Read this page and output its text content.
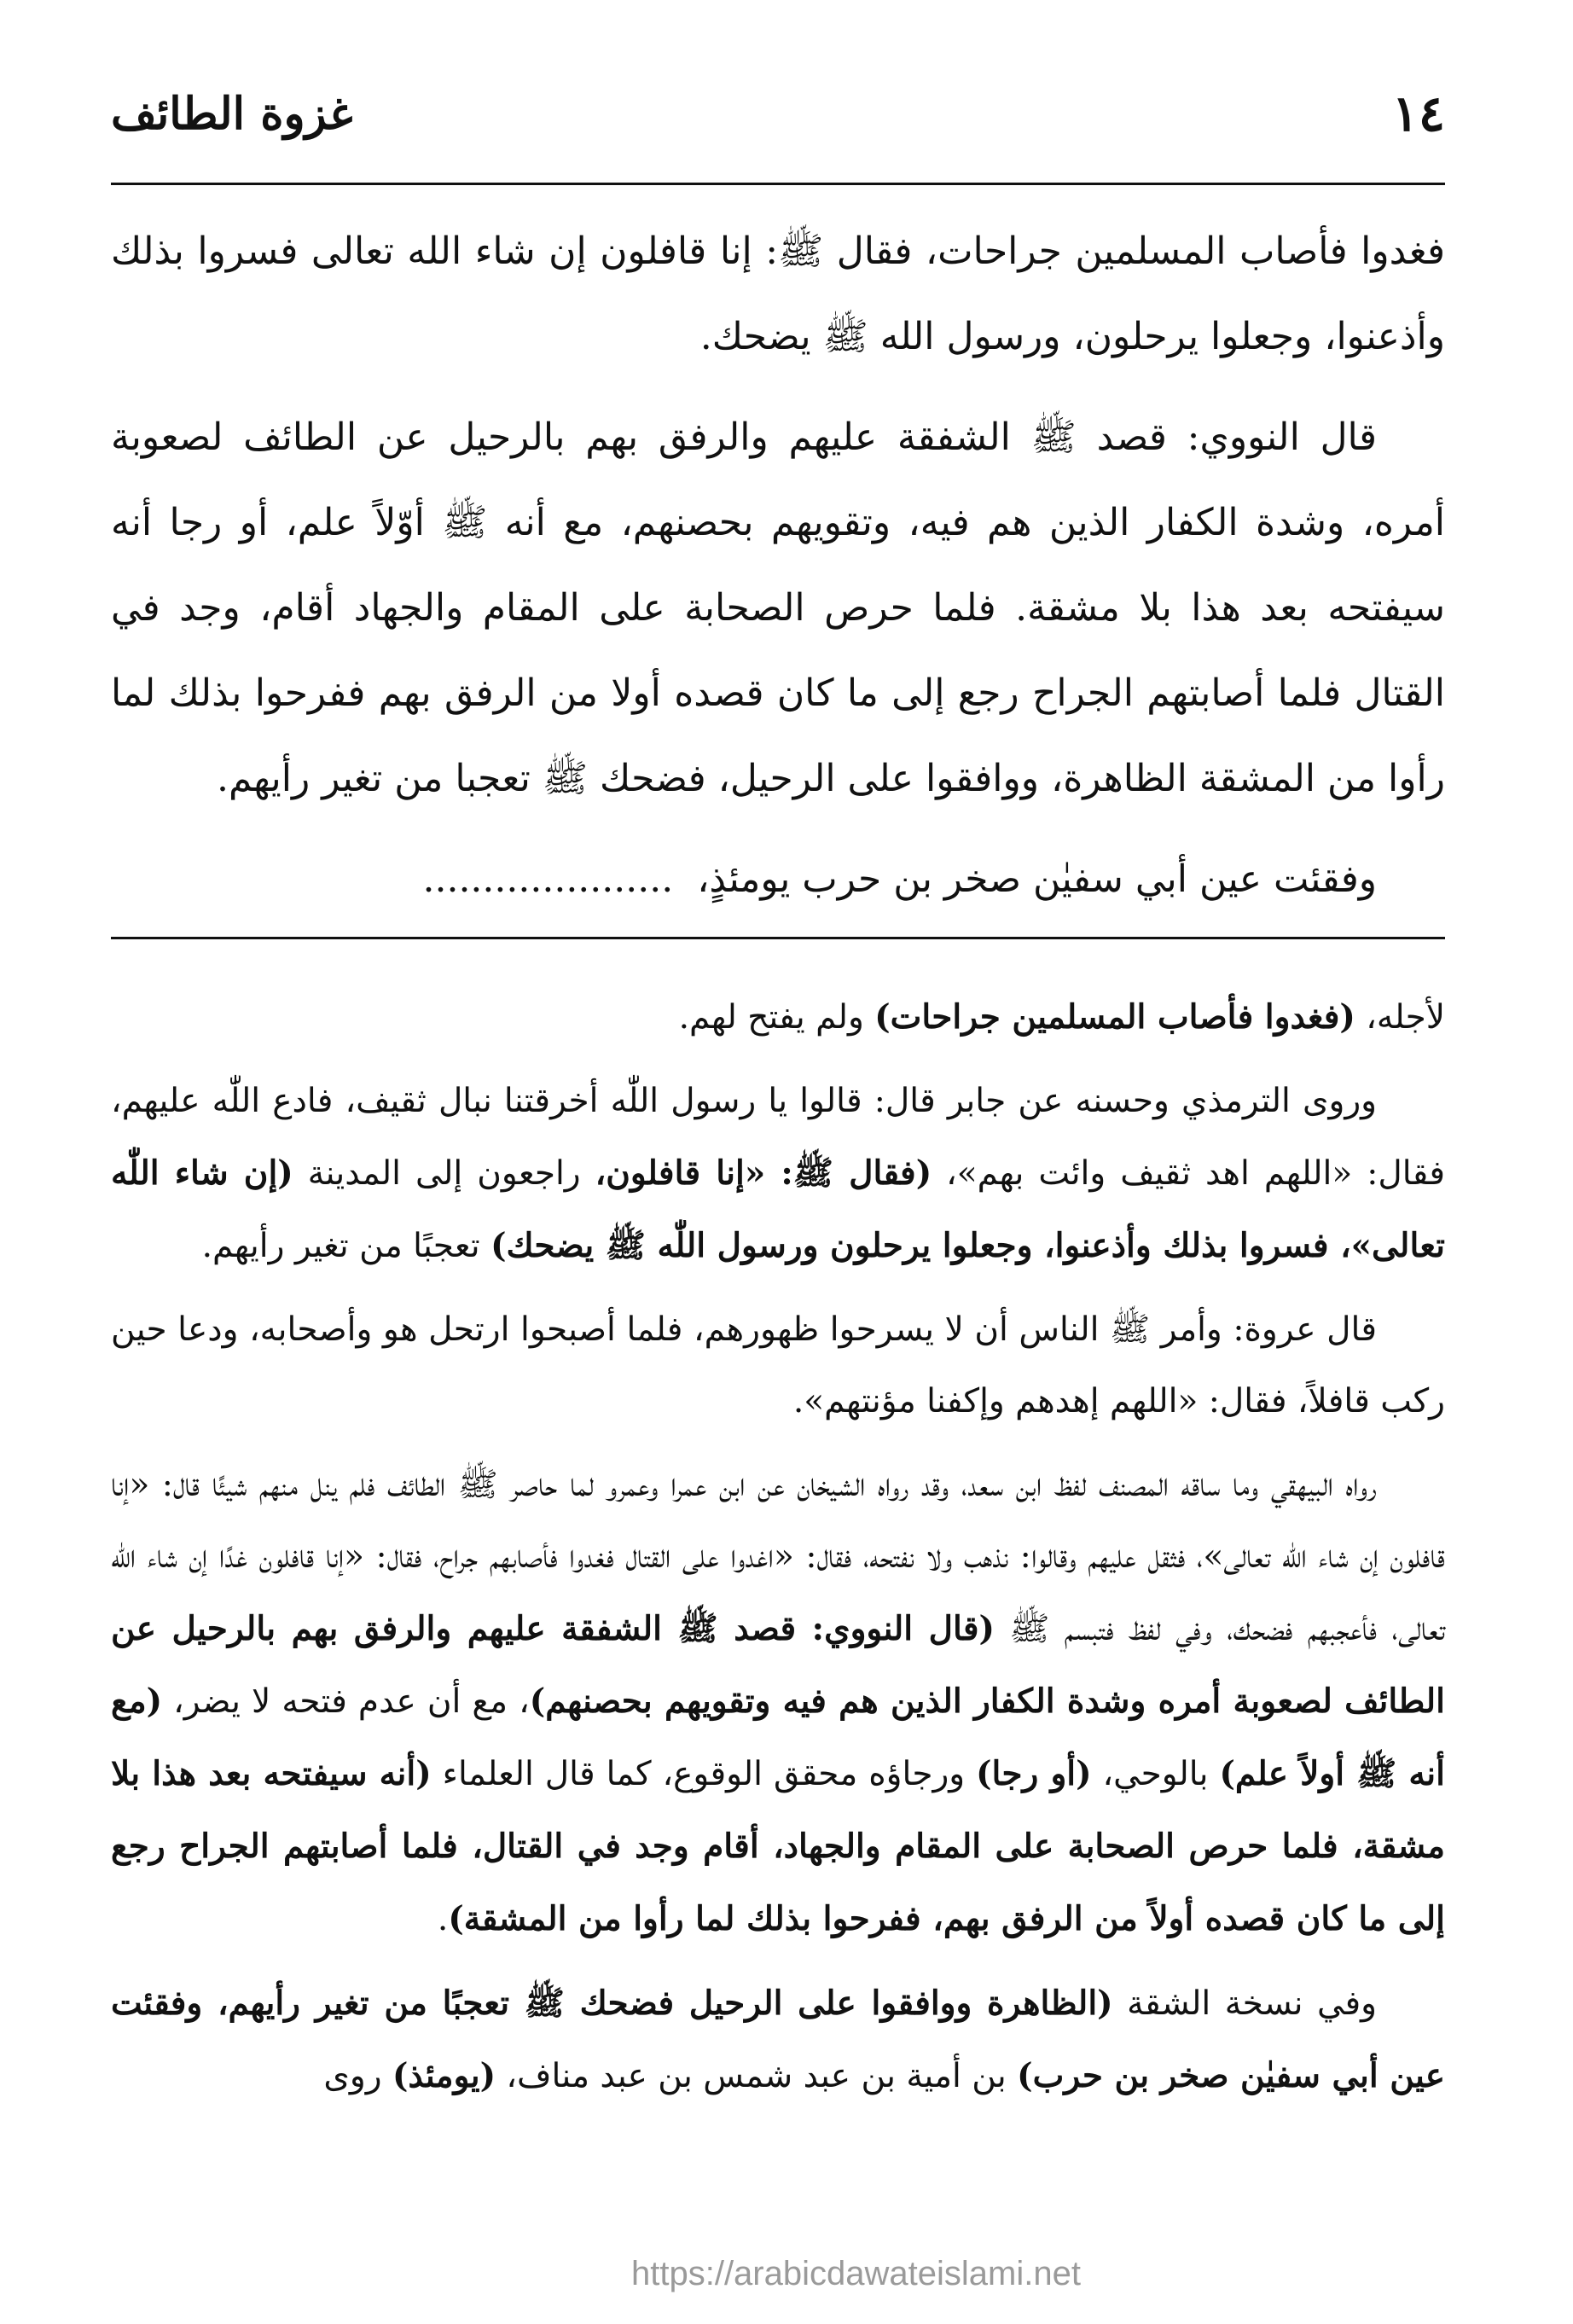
١٤
غزوة الطائف

فغدوا فأصاب المسلمين جراحات، فقال ﷺ: إنا قافلون إن شاء الله تعالى فسروا بذلك وأذعنوا، وجعلوا يرحلون، ورسول الله ﷺ يضحك.

قال النووي: قصد ﷺ الشفقة عليهم والرفق بهم بالرحيل عن الطائف لصعوبة أمره، وشدة الكفار الذين هم فيه، وتقويهم بحصنهم، مع أنه ﷺ أوّلاً علم، أو رجا أنه سيفتحه بعد هذا بلا مشقة. فلما حرص الصحابة على المقام والجهاد أقام، وجد في القتال فلما أصابتهم الجراح رجع إلى ما كان قصده أولا من الرفق بهم ففرحوا بذلك لما رأوا من المشقة الظاهرة، ووافقوا على الرحيل، فضحك ﷺ تعجبا من تغير رأيهم.

وفقئت عين أبي سفيٰن صخر بن حرب يومئذٍ، .....................

لأجله، (فغدوا فأصاب المسلمين جراحات) ولم يفتح لهم.

وروى الترمذي وحسنه عن جابر قال: قالوا يا رسول اللّٰه أخرقتنا نبال ثقيف، فادع اللّٰه عليهم، فقال: «اللهم اهد ثقيف وائت بهم»، (فقال ﷺ: «إنا قافلون، راجعون إلى المدينة (إن شاء اللّٰه تعالى»، فسروا بذلك وأذعنوا، وجعلوا يرحلون ورسول اللّٰه ﷺ يضحك) تعجبًا من تغير رأيهم.

قال عروة: وأمر ﷺ الناس أن لا يسرحوا ظهورهم، فلما أصبحوا ارتحل هو وأصحابه، ودعا حين ركب قافلاً، فقال: «اللهم إهدهم وإكفنا مؤنتهم».

رواه البيهقي وما ساقه المصنف لفظ ابن سعد، وقد رواه الشيخان عن ابن عمرا وعمرو لما حاصر ﷺ الطائف فلم ينل منهم شيئًا قال: «إنا قافلون إن شاء اللّٰه تعالى»، فثقل عليهم وقالوا: نذهب ولا نفتحه، فقال: «اغدوا على القتال فغدوا فأصابهم جراح، فقال: «إنا قافلون غدًا إن شاء اللّٰه تعالى، فأعجبهم فضحك، وفي لفظ فتبسم ﷺ (قال النووي: قصد ﷺ الشفقة عليهم والرفق بهم بالرحيل عن الطائف لصعوبة أمره وشدة الكفار الذين هم فيه وتقويهم بحصنهم)، مع أن عدم فتحه لا يضر، (مع أنه ﷺ أولاً علم) بالوحي، (أو رجا) ورجاؤه محقق الوقوع، كما قال العلماء (أنه سيفتحه بعد هذا بلا مشقة، فلما حرص الصحابة على المقام والجهاد، أقام وجد في القتال، فلما أصابتهم الجراح رجع إلى ما كان قصده أولاً من الرفق بهم، ففرحوا بذلك لما رأوا من المشقة).

وفي نسخة الشقة (الظاهرة ووافقوا على الرحيل فضحك ﷺ تعجبًا من تغير رأيهم، وفقئت عين أبي سفيٰن صخر بن حرب) بن أمية بن عبد شمس بن عبد مناف، (يومئذ) روى

https://arabicdawateislami.net
